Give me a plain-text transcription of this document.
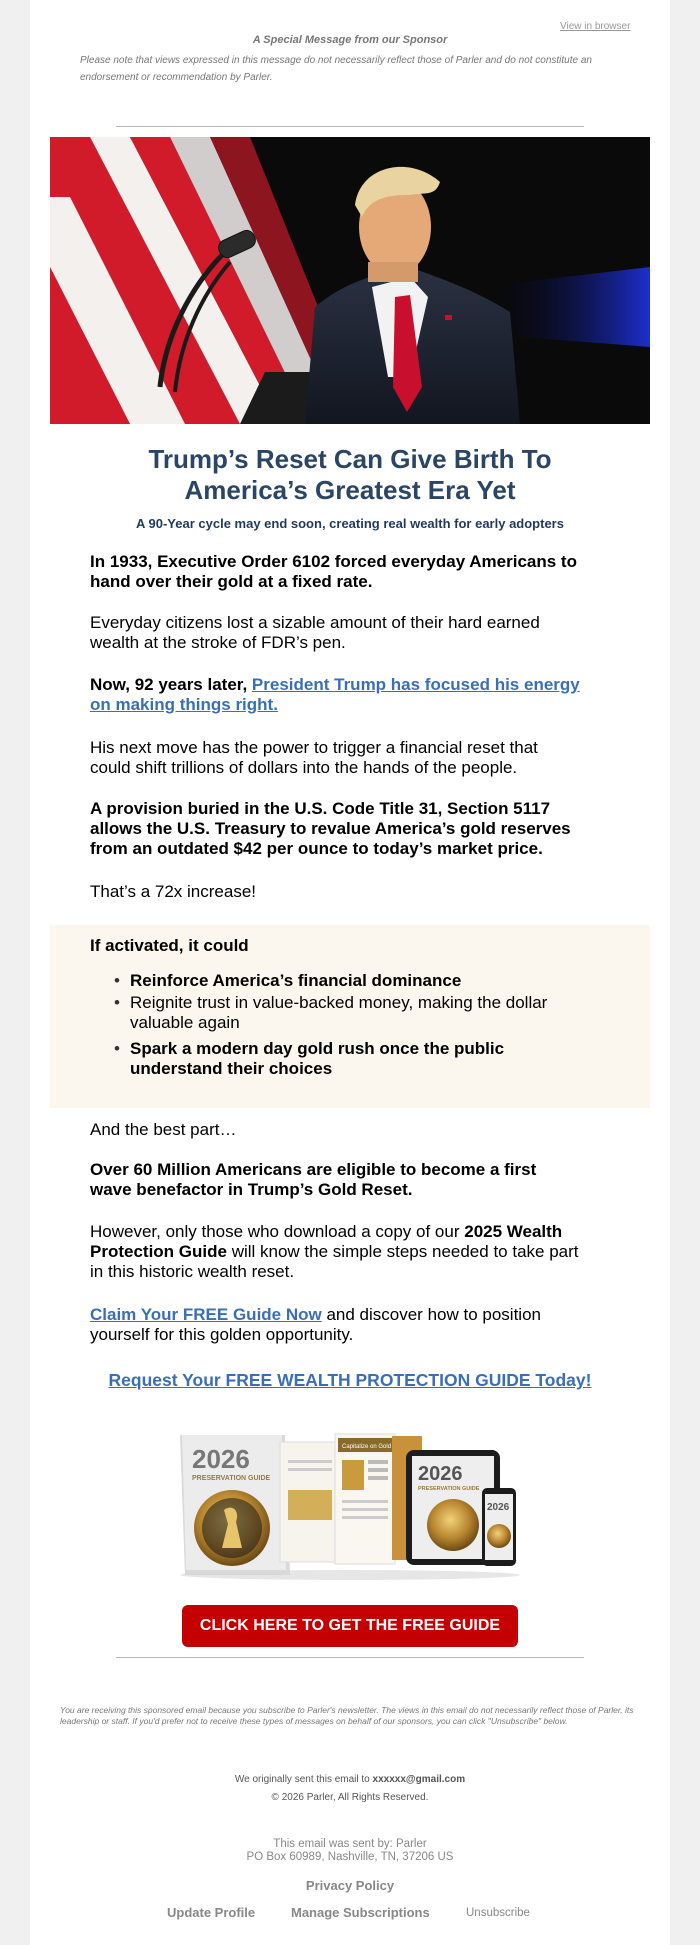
View in browser
A Special Message from our Sponsor
Please note that views expressed in this message do not necessarily reflect those of Parler and do not constitute an endorsement or recommendation by Parler.
Trump’s Reset Can Give Birth To
America’s Greatest Era Yet
A 90-Year cycle may end soon, creating real wealth for early adopters
In 1933, Executive Order 6102 forced everyday Americans to
hand over their gold at a fixed rate.
Everyday citizens lost a sizable amount of their hard earned
wealth at the stroke of FDR’s pen.
Now, 92 years later, President Trump has focused his energy
on making things right.
His next move has the power to trigger a financial reset that
could shift trillions of dollars into the hands of the people.
A provision buried in the U.S. Code Title 31, Section 5117
allows the U.S. Treasury to revalue America’s gold reserves
from an outdated $42 per ounce to today’s market price.
That’s a 72x increase!
If activated, it could
• Reinforce America’s financial dominance
• Reignite trust in value-backed money, making the dollar
valuable again
• Spark a modern day gold rush once the public
understand their choices
And the best part…
Over 60 Million Americans are eligible to become a first
wave benefactor in Trump’s Gold Reset.
However, only those who download a copy of our 2025 Wealth
Protection Guide will know the simple steps needed to take part
in this historic wealth reset.
Claim Your FREE Guide Now and discover how to position
yourself for this golden opportunity.
Request Your FREE WEALTH PROTECTION GUIDE Today!
2026
PRESERVATION GUIDE
Capitalize on Gold
2026
PRESERVATION GUIDE
2026
CLICK HERE TO GET THE FREE GUIDE
You are receiving this sponsored email because you subscribe to Parler's newsletter. The views in this email do not necessarily reflect those of Parler, its leadership or staff. If you'd prefer not to receive these types of messages on behalf of our sponsors, you can click "Unsubscribe" below.
We originally sent this email to xxxxxx@gmail.com
© 2026 Parler, All Rights Reserved.
This email was sent by: Parler
PO Box 60989, Nashville, TN, 37206 US
Privacy Policy
Update Profile	Manage Subscriptions	Unsubscribe
